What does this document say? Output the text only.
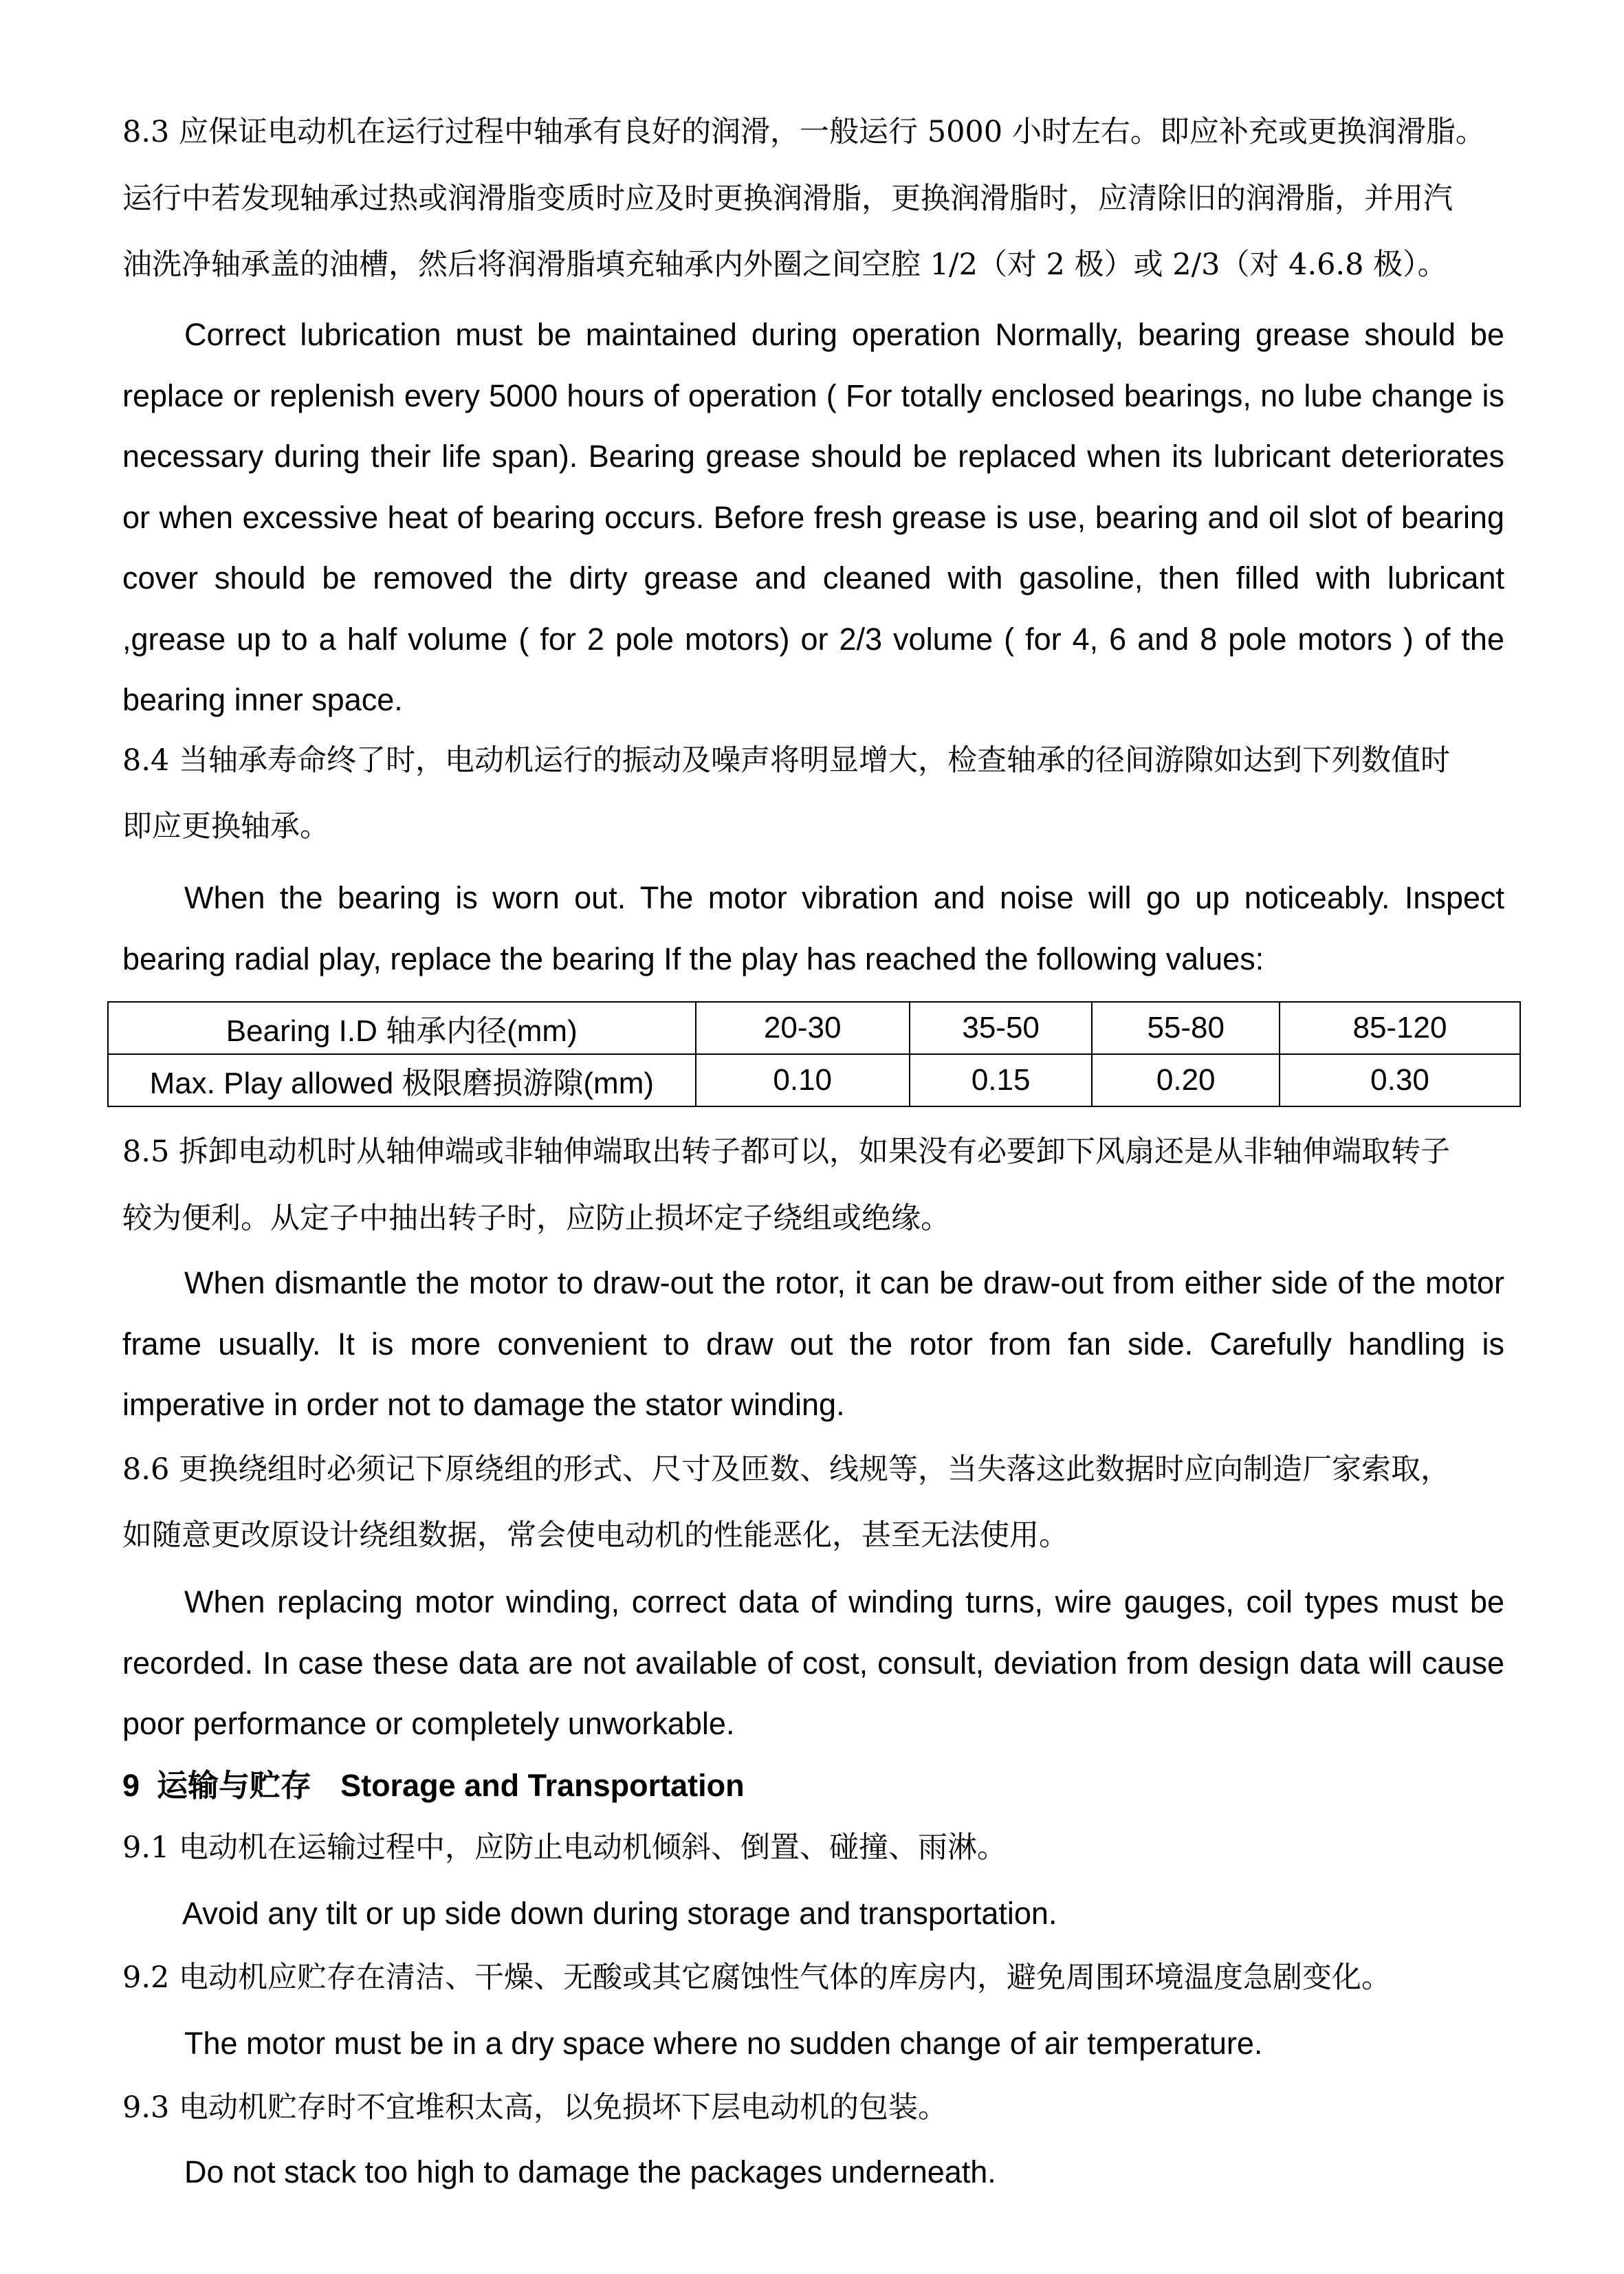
8.3 应保证电动机在运行过程中轴承有良好的润滑，一般运行 5000 小时左右。即应补充或更换润滑脂。
运行中若发现轴承过热或润滑脂变质时应及时更换润滑脂，更换润滑脂时，应清除旧的润滑脂，并用汽
油洗净轴承盖的油槽，然后将润滑脂填充轴承内外圈之间空腔 1/2（对 2 极）或 2/3（对 4.6.8 极）。
Correct lubrication must be maintained during operation Normally, bearing grease should be replace or replenish every 5000 hours of operation ( For totally enclosed bearings, no lube change is necessary during their life span). Bearing grease should be replaced when its lubricant deteriorates or when excessive heat of bearing occurs. Before fresh grease is use, bearing and oil slot of bearing cover should be removed the dirty grease and cleaned with gasoline, then filled with lubricant ,grease up to a half volume ( for 2 pole motors) or 2/3 volume ( for 4, 6 and 8 pole motors ) of the bearing inner space.
8.4 当轴承寿命终了时，电动机运行的振动及噪声将明显增大，检查轴承的径间游隙如达到下列数值时
即应更换轴承。
When the bearing is worn out. The motor vibration and noise will go up noticeably. Inspect bearing radial play, replace the bearing If the play has reached the following values:
Bearing I.D 轴承内径(mm)	20-30	35-50	55-80	85-120
Max. Play allowed 极限磨损游隙(mm)	0.10	0.15	0.20	0.30
8.5 拆卸电动机时从轴伸端或非轴伸端取出转子都可以，如果没有必要卸下风扇还是从非轴伸端取转子
较为便利。从定子中抽出转子时，应防止损坏定子绕组或绝缘。
When dismantle the motor to draw-out the rotor, it can be draw-out from either side of the motor frame usually. It is more convenient to draw out the rotor from fan side. Carefully handling is imperative in order not to damage the stator winding.
8.6 更换绕组时必须记下原绕组的形式、尺寸及匝数、线规等，当失落这此数据时应向制造厂家索取，
如随意更改原设计绕组数据，常会使电动机的性能恶化，甚至无法使用。
When replacing motor winding, correct data of winding turns, wire gauges, coil types must be recorded. In case these data are not available of cost, consult, deviation from design data will cause poor performance or completely unworkable.
9 运输与贮存 Storage and Transportation
9.1 电动机在运输过程中，应防止电动机倾斜、倒置、碰撞、雨淋。
Avoid any tilt or up side down during storage and transportation.
9.2 电动机应贮存在清洁、干燥、无酸或其它腐蚀性气体的库房内，避免周围环境温度急剧变化。
The motor must be in a dry space where no sudden change of air temperature.
9.3 电动机贮存时不宜堆积太高，以免损坏下层电动机的包装。
Do not stack too high to damage the packages underneath.
